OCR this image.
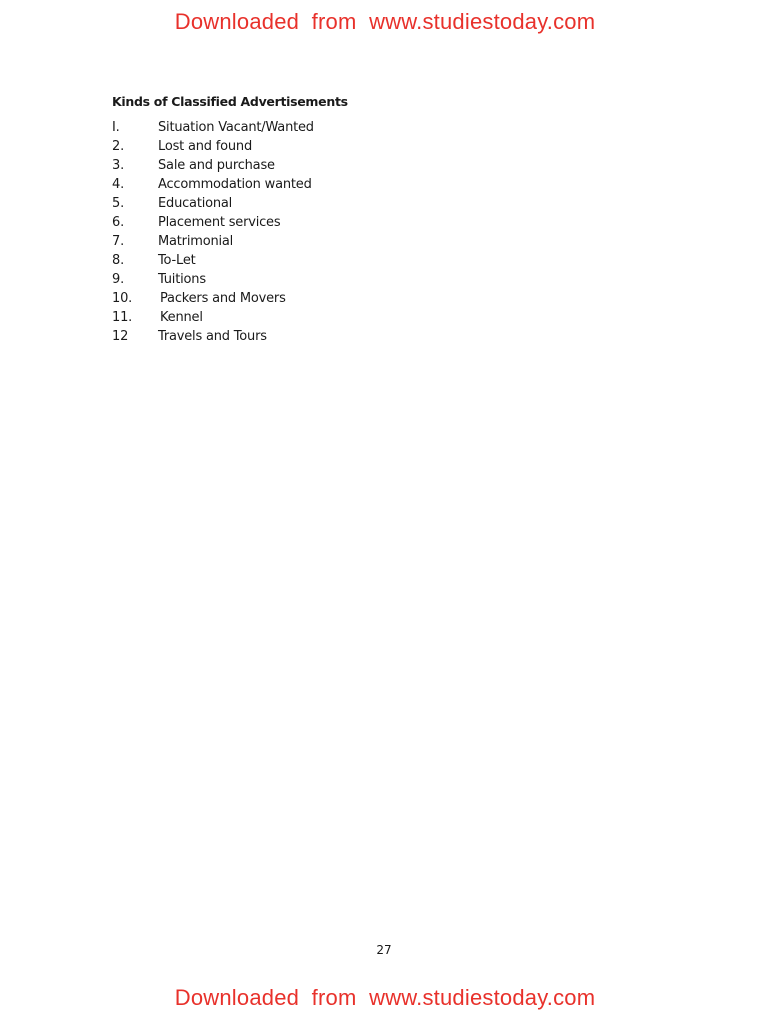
Downloaded  from  www.studiestoday.com
Kinds of Classified Advertisements
I.	Situation Vacant/Wanted
2.	Lost and found
3.	Sale and purchase
4.	Accommodation wanted
5.	Educational
6.	Placement services
7.	Matrimonial
8.	To-Let
9.	Tuitions
10. Packers and Movers
11. Kennel
12 Travels and Tours
27
Downloaded  from  www.studiestoday.com
